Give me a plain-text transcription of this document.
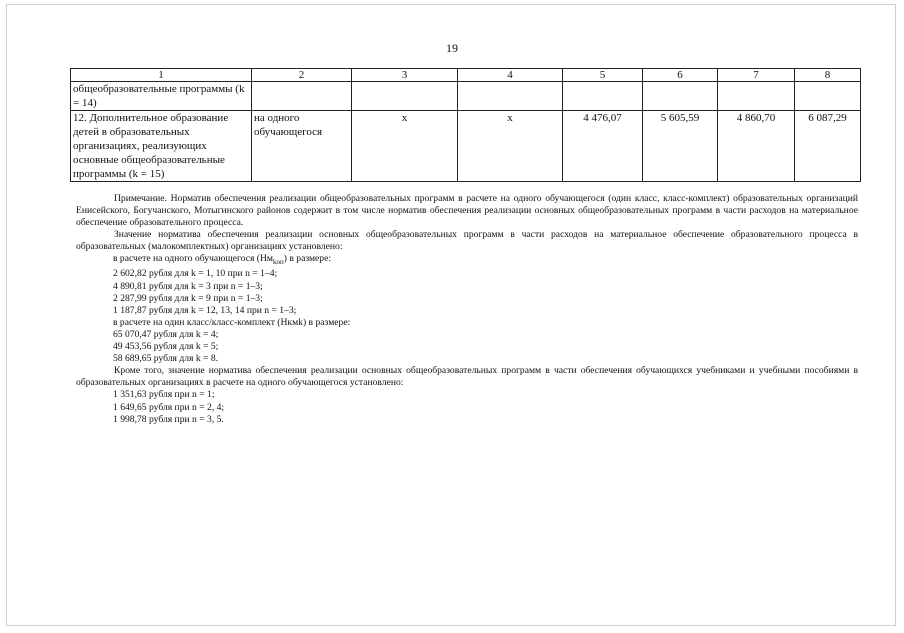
19
1	2	3	4	5	6	7	8
общеобразовательные программы (k = 14)							
12. Дополнительное образование детей в образовательных организациях, реализующих основные общеобразовательные программы (k = 15)	на одного обучающегося	x	x	4 476,07	5 605,59	4 860,70	6 087,29

Примечание. Норматив обеспечения реализации общеобразовательных программ в расчете на одного обучающегося (один класс, класс-комплект) образовательных организаций Енисейского, Богучанского, Мотыгинского районов содержит в том числе норматив обеспечения реализации основных общеобразовательных программ в части расходов на материальное обеспечение образовательного процесса.

Значение норматива обеспечения реализации основных общеобразовательных программ в части расходов на материальное обеспечение образовательного процесса в образовательных (малокомплектных) организациях установлено:

в расчете на одного обучающегося $(Нм_{kоп})$ в размере:

2 602,82 рубля для k = 1, 10 при n = 1–4;

4 890,81 рубля для k = 3 при n = 1–3;

2 287,99 рубля для k = 9 при n = 1–3;

1 187,87 рубля для k = 12, 13, 14 при n = 1–3;

в расчете на один класс/класс-комплект (Нкмk) в размере:

65 070,47 рубля для k = 4;

49 453,56 рубля для k = 5;

58 689,65 рубля для k = 8.

Кроме того, значение норматива обеспечения реализации основных общеобразовательных программ в части обеспечения обучающихся учебниками и учебными пособиями в образовательных организациях в расчете на одного обучающегося установлено:

1 351,63 рубля при n = 1;

1 649,65 рубля при n = 2, 4;

1 998,78 рубля при n = 3, 5.
